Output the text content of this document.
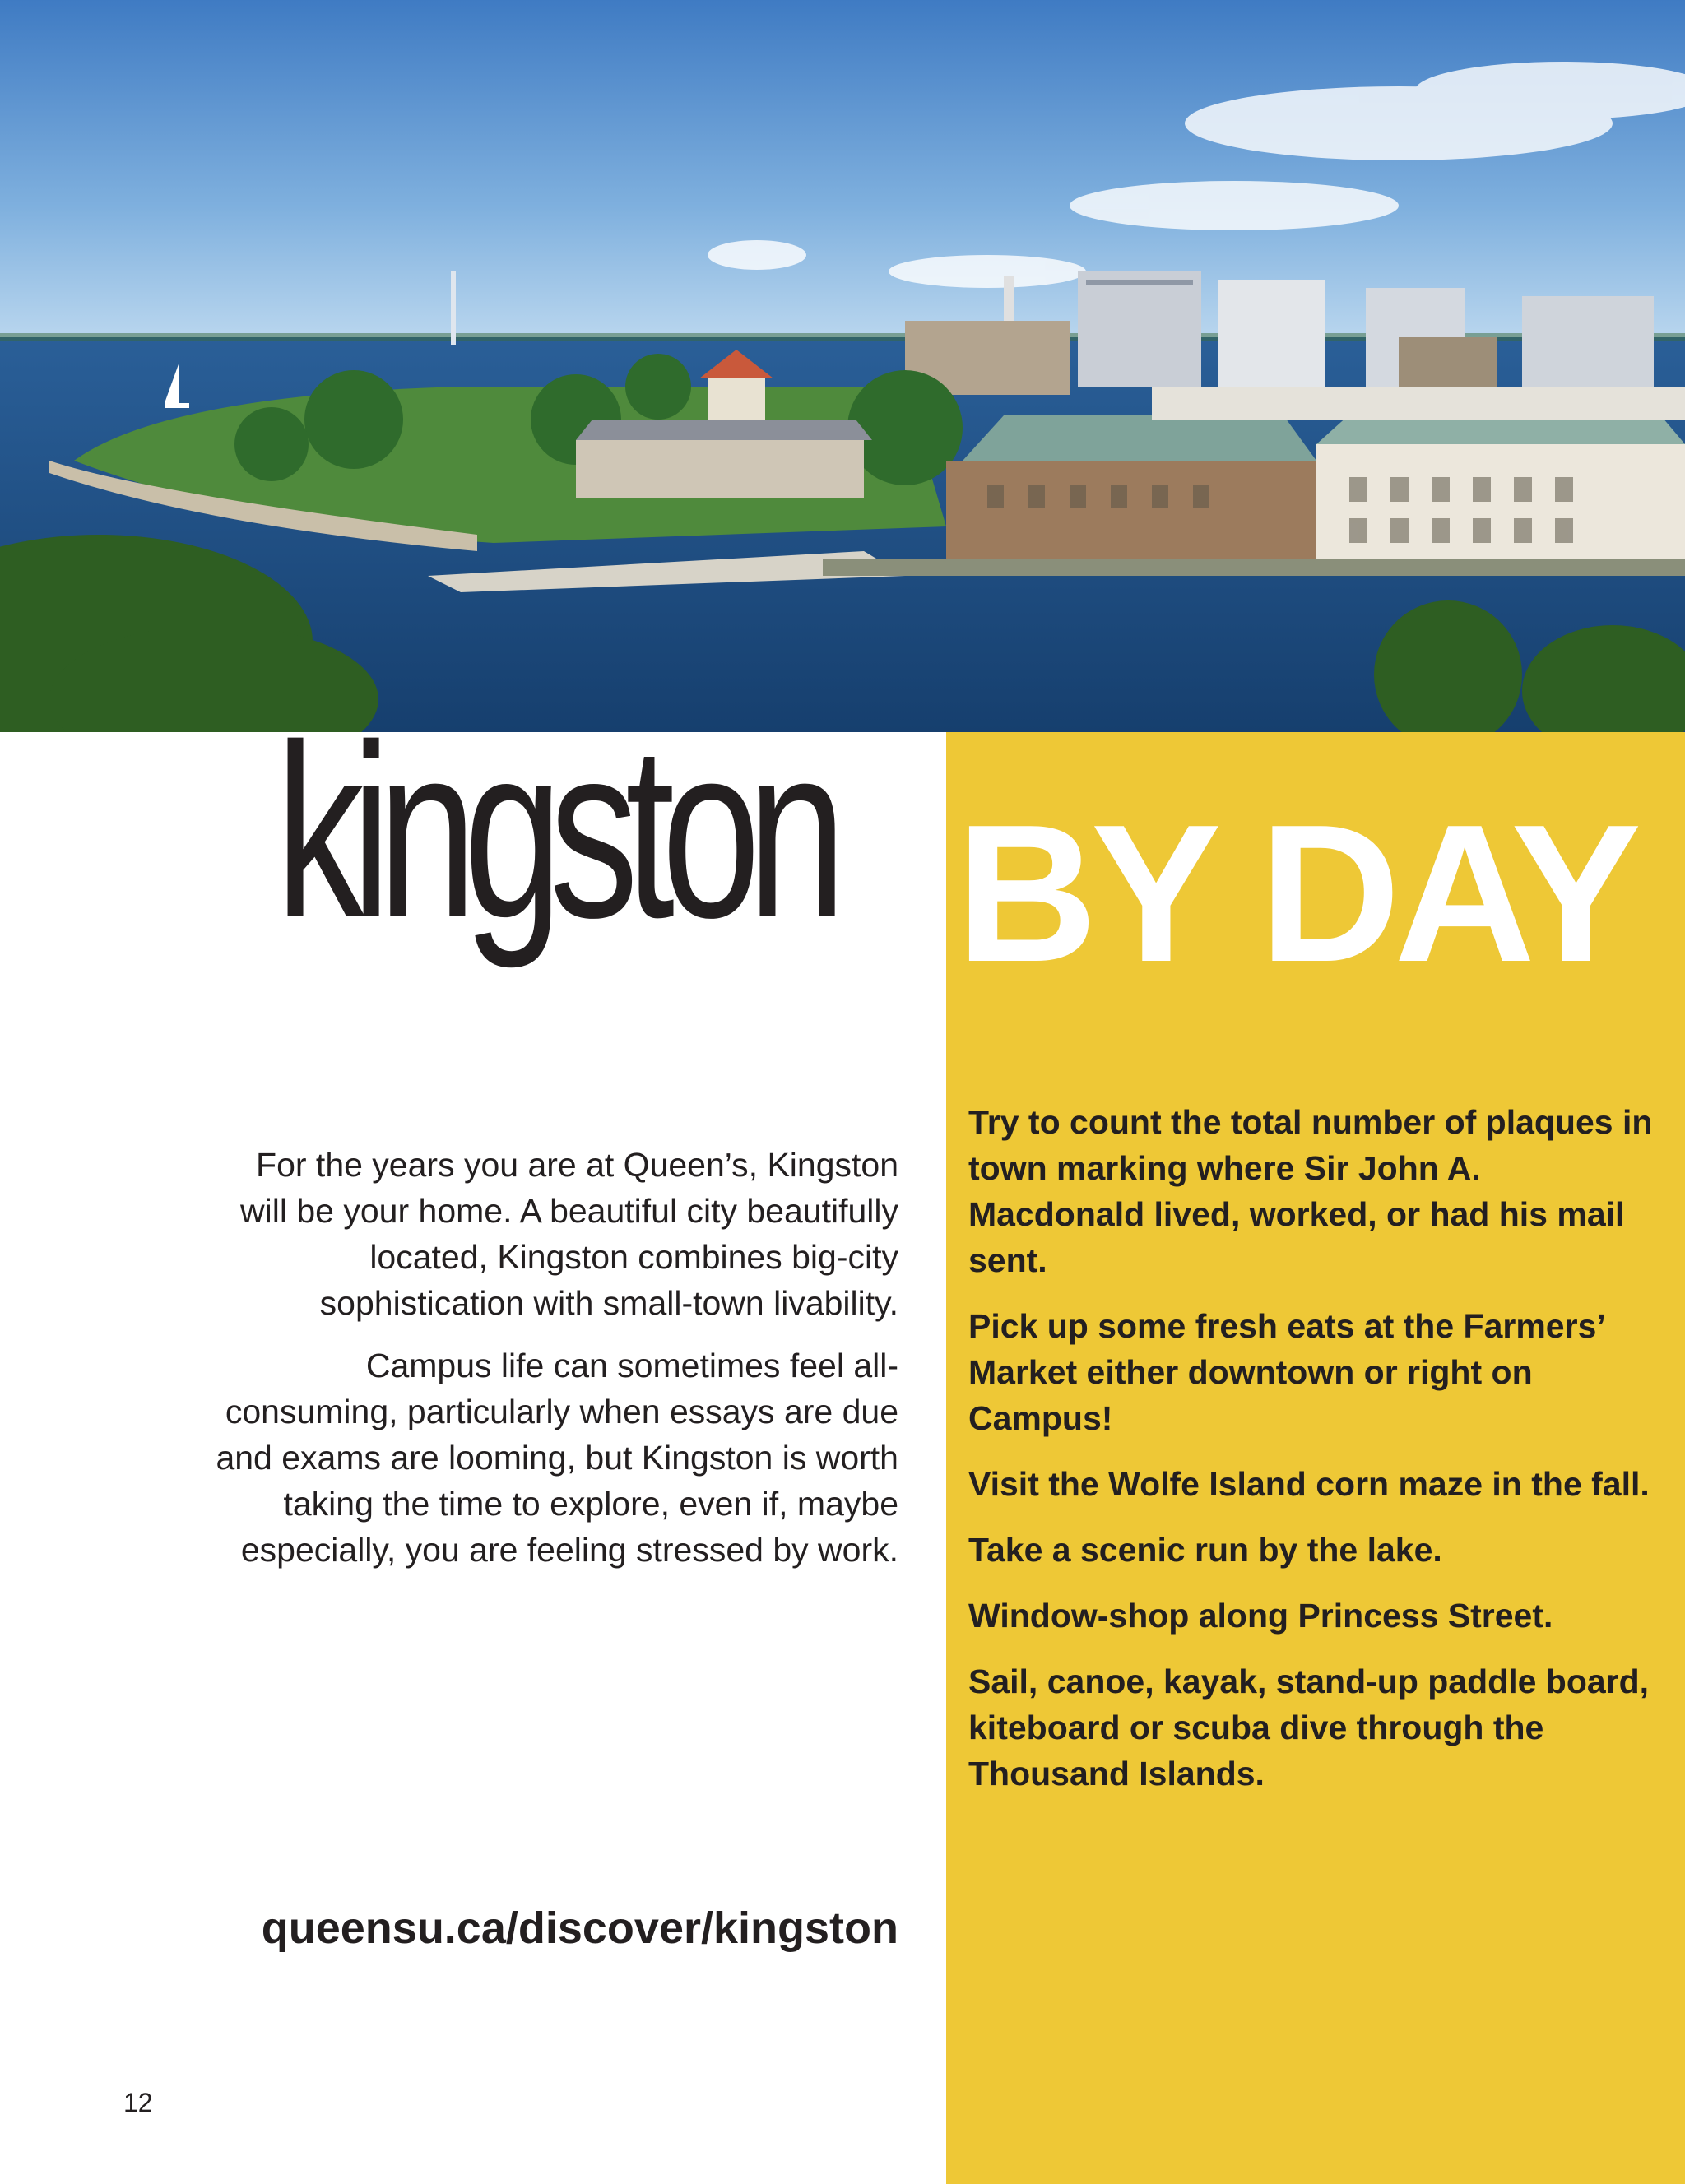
kingston BY DAY

For the years you are at Queen’s, Kingston will be your home. A beautiful city beautifully located, Kingston combines big-city sophistication with small-town livability.

Campus life can sometimes feel all-consuming, particularly when essays are due and exams are looming, but Kingston is worth taking the time to explore, even if, maybe especially, you are feeling stressed by work.

queensu.ca/discover/kingston

Try to count the total number of plaques in town marking where Sir John A. Macdonald lived, worked, or had his mail sent.

Pick up some fresh eats at the Farmers’ Market either downtown or right on Campus!

Visit the Wolfe Island corn maze in the fall.

Take a scenic run by the lake.

Window-shop along Princess Street.

Sail, canoe, kayak, stand-up paddle board, kiteboard or scuba dive through the Thousand Islands.

12
